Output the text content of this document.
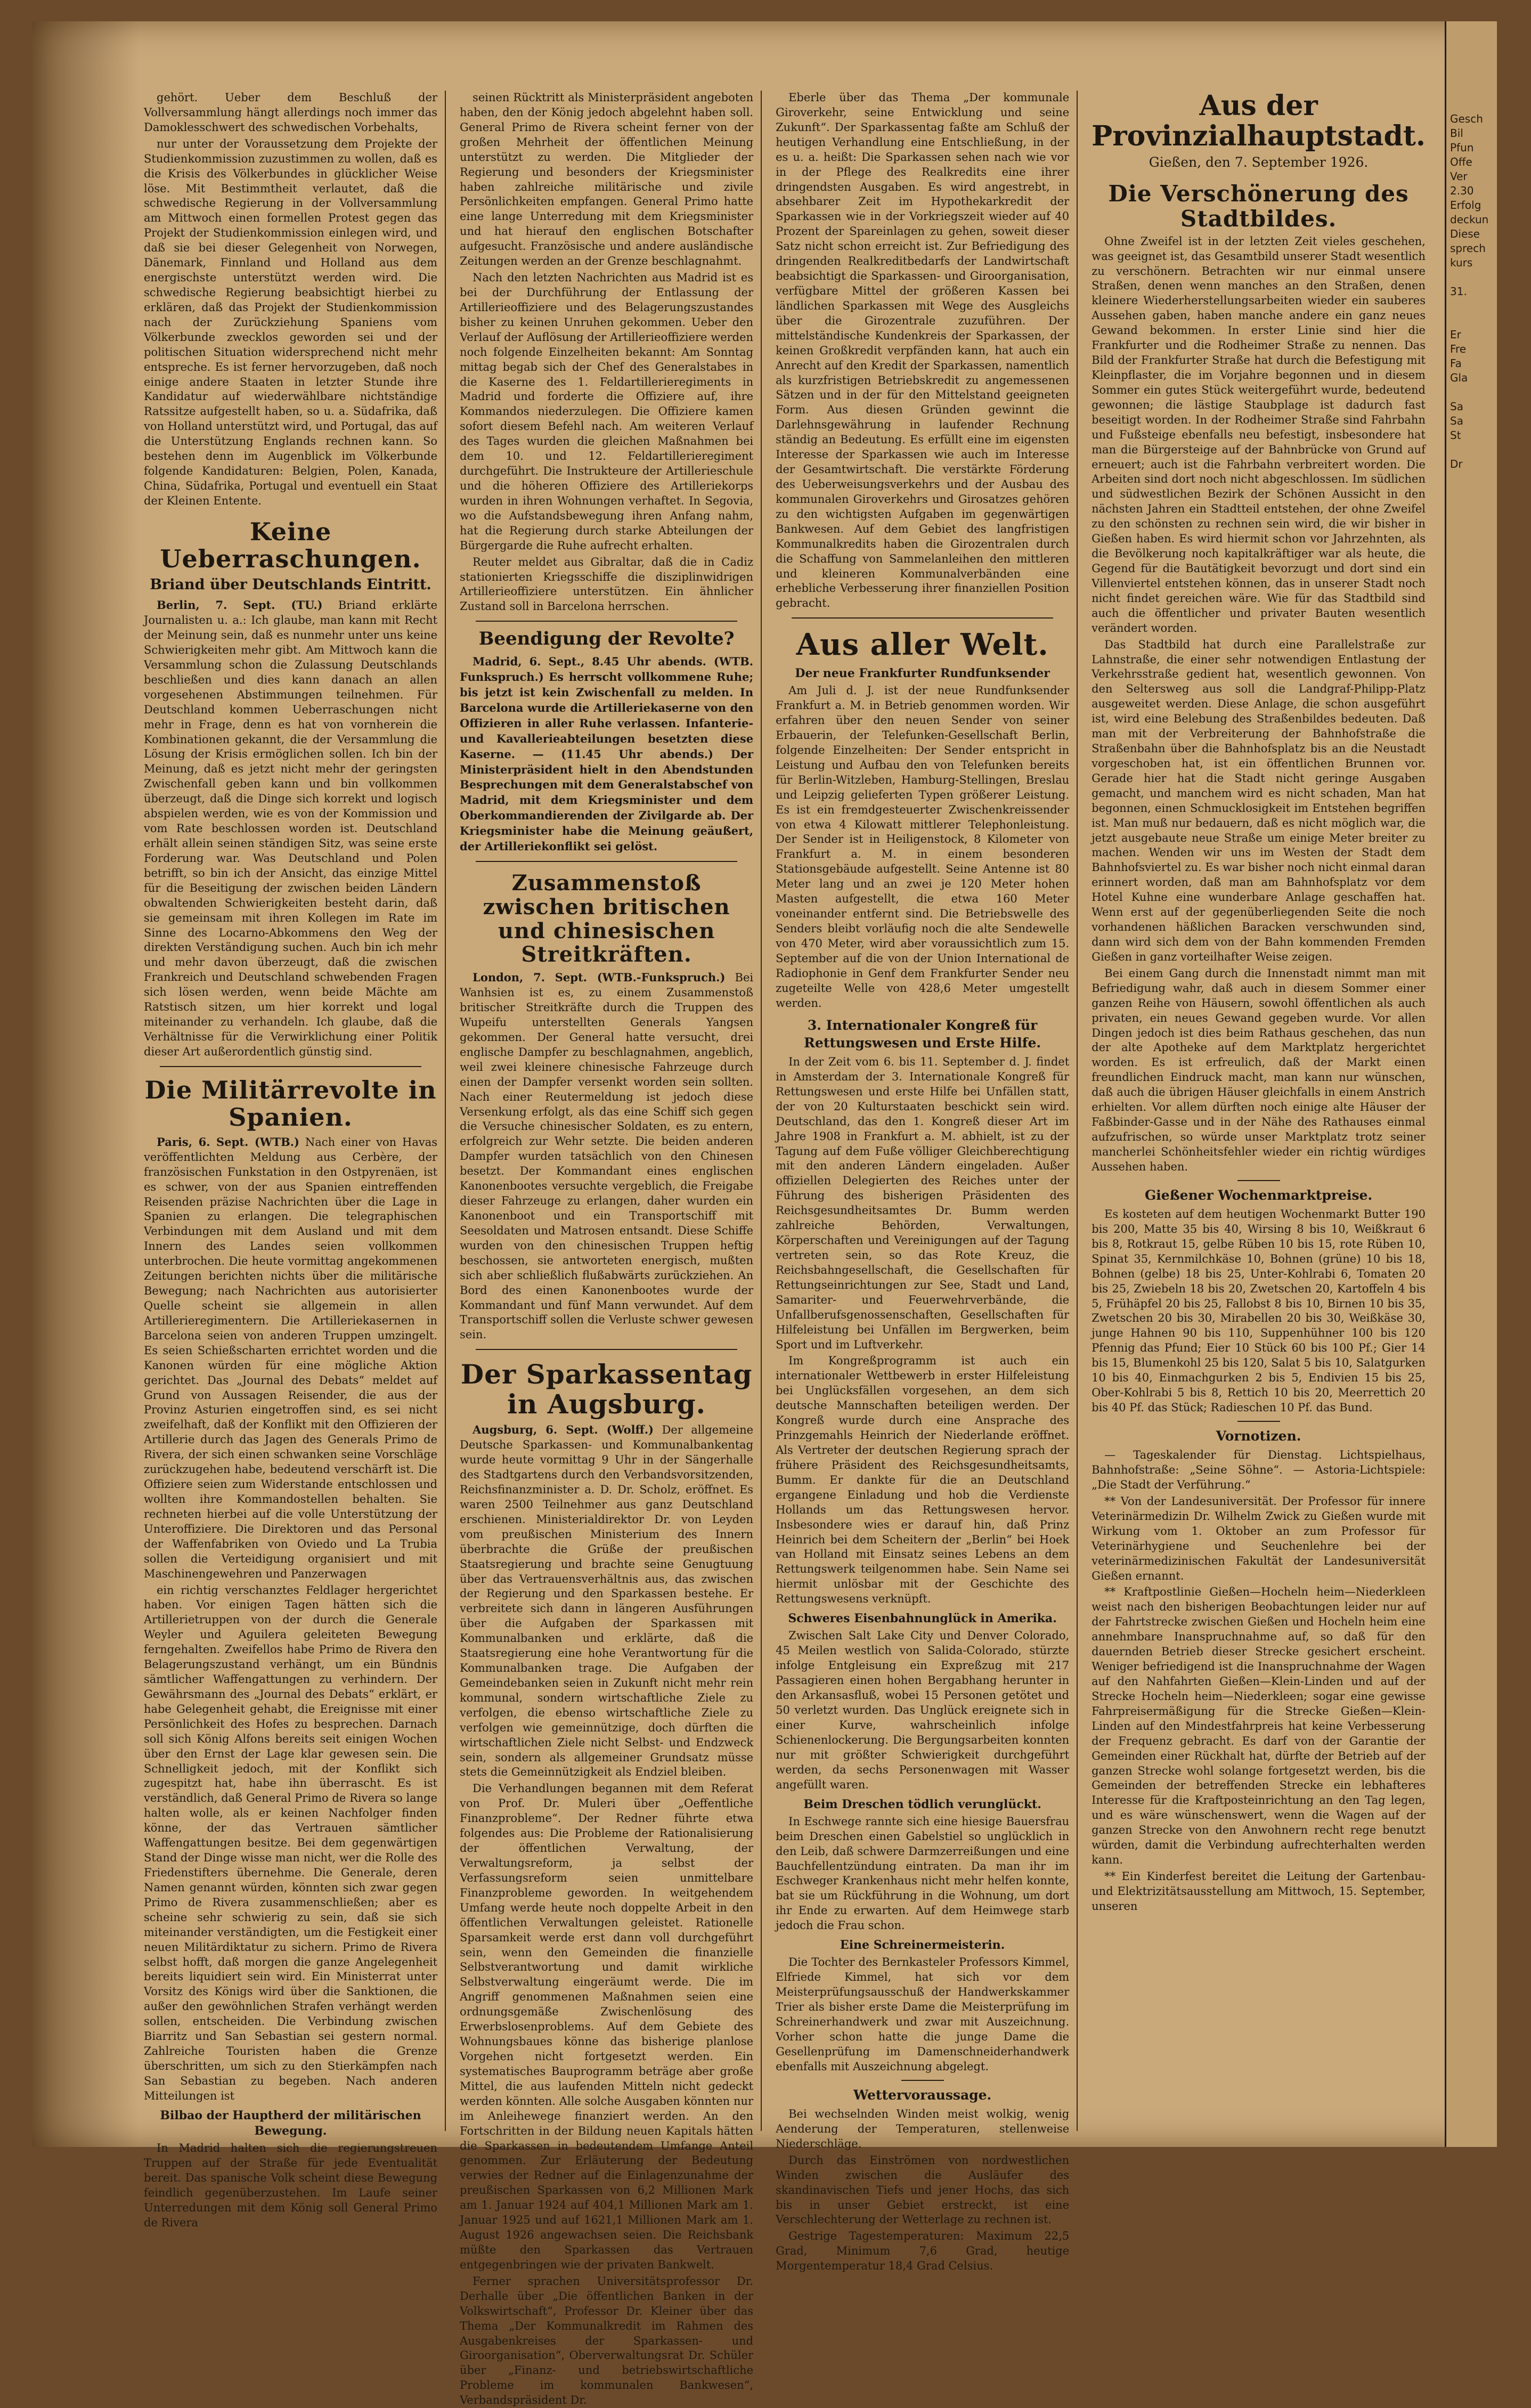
Gesch
Bil
Pfun
Offe
Ver
2.30
Erfolg
deckun
Diese
sprech
kurs

31.

Er
Fre
Fa
Gla

Sa
Sa
St

Dr

gehört. Ueber dem Beschluß der Vollversammlung hängt allerdings noch immer das Damoklesschwert des schwedischen Vorbehalts,

nur unter der Voraussetzung dem Projekte der Studienkommission zuzustimmen zu wollen, daß es die Krisis des Völkerbundes in glücklicher Weise löse. Mit Bestimmtheit verlautet, daß die schwedische Regierung in der Vollversammlung am Mittwoch einen formellen Protest gegen das Projekt der Studienkommission einlegen wird, und daß sie bei dieser Gelegenheit von Norwegen, Dänemark, Finnland und Holland aus dem energischste unterstützt werden wird. Die schwedische Regierung beabsichtigt hierbei zu erklären, daß das Projekt der Studienkommission nach der Zurückziehung Spaniens vom Völkerbunde zwecklos geworden sei und der politischen Situation widersprechend nicht mehr entspreche. Es ist ferner hervorzugeben, daß noch einige andere Staaten in letzter Stunde ihre Kandidatur auf wiederwählbare nichtständige Ratssitze aufgestellt haben, so u. a. Südafrika, daß von Holland unterstützt wird, und Portugal, das auf die Unterstützung Englands rechnen kann. So bestehen denn im Augenblick im Völkerbunde folgende Kandidaturen: Belgien, Polen, Kanada, China, Südafrika, Portugal und eventuell ein Staat der Kleinen Entente.

Keine Ueberraschungen.
Briand über Deutschlands Eintritt.

Berlin, 7. Sept. (TU.) Briand erklärte Journalisten u. a.: Ich glaube, man kann mit Recht der Meinung sein, daß es nunmehr unter uns keine Schwierigkeiten mehr gibt. Am Mittwoch kann die Versammlung schon die Zulassung Deutschlands beschließen und dies kann danach an allen vorgesehenen Abstimmungen teilnehmen. Für Deutschland kommen Ueberraschungen nicht mehr in Frage, denn es hat von vornherein die Kombinationen gekannt, die der Versammlung die Lösung der Krisis ermöglichen sollen. Ich bin der Meinung, daß es jetzt nicht mehr der geringsten Zwischenfall geben kann und bin vollkommen überzeugt, daß die Dinge sich korrekt und logisch abspielen werden, wie es von der Kommission und vom Rate beschlossen worden ist. Deutschland erhält allein seinen ständigen Sitz, was seine erste Forderung war. Was Deutschland und Polen betrifft, so bin ich der Ansicht, das einzige Mittel für die Beseitigung der zwischen beiden Ländern obwaltenden Schwierigkeiten besteht darin, daß sie gemeinsam mit ihren Kollegen im Rate im Sinne des Locarno-Abkommens den Weg der direkten Verständigung suchen. Auch bin ich mehr und mehr davon überzeugt, daß die zwischen Frankreich und Deutschland schwebenden Fragen sich lösen werden, wenn beide Mächte am Ratstisch sitzen, um hier korrekt und logal miteinander zu verhandeln. Ich glaube, daß die Verhältnisse für die Verwirklichung einer Politik dieser Art außerordentlich günstig sind.

Die Militärrevolte in Spanien.

Paris, 6. Sept. (WTB.) Nach einer von Havas veröffentlichten Meldung aus Cerbère, der französischen Funkstation in den Ostpyrenäen, ist es schwer, von der aus Spanien eintreffenden Reisenden präzise Nachrichten über die Lage in Spanien zu erlangen. Die telegraphischen Verbindungen mit dem Ausland und mit dem Innern des Landes seien vollkommen unterbrochen. Die heute vormittag angekommenen Zeitungen berichten nichts über die militärische Bewegung; nach Nachrichten aus autorisierter Quelle scheint sie allgemein in allen Artillerieregimentern. Die Artilleriekasernen in Barcelona seien von anderen Truppen umzingelt. Es seien Schießscharten errichtet worden und die Kanonen würden für eine mögliche Aktion gerichtet. Das „Journal des Debats“ meldet auf Grund von Aussagen Reisender, die aus der Provinz Asturien eingetroffen sind, es sei nicht zweifelhaft, daß der Konflikt mit den Offizieren der Artillerie durch das Jagen des Generals Primo de Rivera, der sich einen schwanken seine Vorschläge zurückzugehen habe, bedeutend verschärft ist. Die Offiziere seien zum Widerstande entschlossen und wollten ihre Kommandostellen behalten. Sie rechneten hierbei auf die volle Unterstützung der Unteroffiziere. Die Direktoren und das Personal der Waffenfabriken von Oviedo und La Trubia sollen die Verteidigung organisiert und mit Maschinengewehren und Panzerwagen

ein richtig verschanztes Feldlager hergerichtet haben. Vor einigen Tagen hätten sich die Artillerietruppen von der durch die Generale Weyler und Aguilera geleiteten Bewegung ferngehalten. Zweifellos habe Primo de Rivera den Belagerungszustand verhängt, um ein Bündnis sämtlicher Waffengattungen zu verhindern. Der Gewährsmann des „Journal des Debats“ erklärt, er habe Gelegenheit gehabt, die Ereignisse mit einer Persönlichkeit des Hofes zu besprechen. Darnach soll sich König Alfons bereits seit einigen Wochen über den Ernst der Lage klar gewesen sein. Die Schnelligkeit jedoch, mit der Konflikt sich zugespitzt hat, habe ihn überrascht. Es ist verständlich, daß General Primo de Rivera so lange halten wolle, als er keinen Nachfolger finden könne, der das Vertrauen sämtlicher Waffengattungen besitze. Bei dem gegenwärtigen Stand der Dinge wisse man nicht, wer die Rolle des Friedenstifters übernehme. Die Generale, deren Namen genannt würden, könnten sich zwar gegen Primo de Rivera zusammenschließen; aber es scheine sehr schwierig zu sein, daß sie sich miteinander verständigten, um die Festigkeit einer neuen Militärdiktatur zu sichern. Primo de Rivera selbst hofft, daß morgen die ganze Angelegenheit bereits liquidiert sein wird. Ein Ministerrat unter Vorsitz des Königs wird über die Sanktionen, die außer den gewöhnlichen Strafen verhängt werden sollen, entscheiden. Die Verbindung zwischen Biarritz und San Sebastian sei gestern normal. Zahlreiche Touristen haben die Grenze überschritten, um sich zu den Stierkämpfen nach San Sebastian zu begeben. Nach anderen Mitteilungen ist

Bilbao der Hauptherd der militärischen Bewegung.

In Madrid halten sich die regierungstreuen Truppen auf der Straße für jede Eventualität bereit. Das spanische Volk scheint diese Bewegung feindlich gegenüberzustehen. Im Laufe seiner Unterredungen mit dem König soll General Primo de Rivera

seinen Rücktritt als Ministerpräsident angeboten haben, den der König jedoch abgelehnt haben soll. General Primo de Rivera scheint ferner von der großen Mehrheit der öffentlichen Meinung unterstützt zu werden. Die Mitglieder der Regierung und besonders der Kriegsminister haben zahlreiche militärische und zivile Persönlichkeiten empfangen. General Primo hatte eine lange Unterredung mit dem Kriegsminister und hat hierauf den englischen Botschafter aufgesucht. Französische und andere ausländische Zeitungen werden an der Grenze beschlagnahmt.

Nach den letzten Nachrichten aus Madrid ist es bei der Durchführung der Entlassung der Artillerieoffiziere und des Belagerungszustandes bisher zu keinen Unruhen gekommen. Ueber den Verlauf der Auflösung der Artillerieoffiziere werden noch folgende Einzelheiten bekannt: Am Sonntag mittag begab sich der Chef des Generalstabes in die Kaserne des 1. Feldartillerieregiments in Madrid und forderte die Offiziere auf, ihre Kommandos niederzulegen. Die Offiziere kamen sofort diesem Befehl nach. Am weiteren Verlauf des Tages wurden die gleichen Maßnahmen bei dem 10. und 12. Feldartillerieregiment durchgeführt. Die Instrukteure der Artillerieschule und die höheren Offiziere des Artilleriekorps wurden in ihren Wohnungen verhaftet. In Segovia, wo die Aufstandsbewegung ihren Anfang nahm, hat die Regierung durch starke Abteilungen der Bürgergarde die Ruhe aufrecht erhalten.

Reuter meldet aus Gibraltar, daß die in Cadiz stationierten Kriegsschiffe die disziplinwidrigen Artillerieoffiziere unterstützen. Ein ähnlicher Zustand soll in Barcelona herrschen.

Beendigung der Revolte?

Madrid, 6. Sept., 8.45 Uhr abends. (WTB. Funkspruch.) Es herrscht vollkommene Ruhe; bis jetzt ist kein Zwischenfall zu melden. In Barcelona wurde die Artilleriekaserne von den Offizieren in aller Ruhe verlassen. Infanterie- und Kavallerieabteilungen besetzten diese Kaserne. — (11.45 Uhr abends.) Der Ministerpräsident hielt in den Abendstunden Besprechungen mit dem Generalstabschef von Madrid, mit dem Kriegsminister und dem Oberkommandierenden der Zivilgarde ab. Der Kriegsminister habe die Meinung geäußert, der Artilleriekonflikt sei gelöst.

Zusammenstoß zwischen britischen und chinesischen Streitkräften.

London, 7. Sept. (WTB.-Funkspruch.) Bei Wanhsien ist es, zu einem Zusammenstoß britischer Streitkräfte durch die Truppen des Wupeifu unterstellten Generals Yangsen gekommen. Der General hatte versucht, drei englische Dampfer zu beschlagnahmen, angeblich, weil zwei kleinere chinesische Fahrzeuge durch einen der Dampfer versenkt worden sein sollten. Nach einer Reutermeldung ist jedoch diese Versenkung erfolgt, als das eine Schiff sich gegen die Versuche chinesischer Soldaten, es zu entern, erfolgreich zur Wehr setzte. Die beiden anderen Dampfer wurden tatsächlich von den Chinesen besetzt. Der Kommandant eines englischen Kanonenbootes versuchte vergeblich, die Freigabe dieser Fahrzeuge zu erlangen, daher wurden ein Kanonenboot und ein Transportschiff mit Seesoldaten und Matrosen entsandt. Diese Schiffe wurden von den chinesischen Truppen heftig beschossen, sie antworteten energisch, mußten sich aber schließlich flußabwärts zurückziehen. An Bord des einen Kanonenbootes wurde der Kommandant und fünf Mann verwundet. Auf dem Transportschiff sollen die Verluste schwer gewesen sein.

Der Sparkassentag in Augsburg.

Augsburg, 6. Sept. (Wolff.) Der allgemeine Deutsche Sparkassen- und Kommunalbankentag wurde heute vormittag 9 Uhr in der Sängerhalle des Stadtgartens durch den Verbandsvorsitzenden, Reichsfinanzminister a. D. Dr. Scholz, eröffnet. Es waren 2500 Teilnehmer aus ganz Deutschland erschienen. Ministerialdirektor Dr. von Leyden vom preußischen Ministerium des Innern überbrachte die Grüße der preußischen Staatsregierung und brachte seine Genugtuung über das Vertrauensverhältnis aus, das zwischen der Regierung und den Sparkassen bestehe. Er verbreitete sich dann in längeren Ausführungen über die Aufgaben der Sparkassen mit Kommunalbanken und erklärte, daß die Staatsregierung eine hohe Verantwortung für die Kommunalbanken trage. Die Aufgaben der Gemeindebanken seien in Zukunft nicht mehr rein kommunal, sondern wirtschaftliche Ziele zu verfolgen, die ebenso wirtschaftliche Ziele zu verfolgen wie gemeinnützige, doch dürften die wirtschaftlichen Ziele nicht Selbst- und Endzweck sein, sondern als allgemeiner Grundsatz müsse stets die Gemeinnützigkeit als Endziel bleiben.

Die Verhandlungen begannen mit dem Referat von Prof. Dr. Muleri über „Oeffentliche Finanzprobleme“. Der Redner führte etwa folgendes aus: Die Probleme der Rationalisierung der öffentlichen Verwaltung, der Verwaltungsreform, ja selbst der Verfassungsreform seien unmittelbare Finanzprobleme geworden. In weitgehendem Umfang werde heute noch doppelte Arbeit in den öffentlichen Verwaltungen geleistet. Rationelle Sparsamkeit werde erst dann voll durchgeführt sein, wenn den Gemeinden die finanzielle Selbstverantwortung und damit wirkliche Selbstverwaltung eingeräumt werde. Die im Angriff genommenen Maßnahmen seien eine ordnungsgemäße Zwischenlösung des Erwerbslosenproblems. Auf dem Gebiete des Wohnungsbaues könne das bisherige planlose Vorgehen nicht fortgesetzt werden. Ein systematisches Bauprogramm beträge aber große Mittel, die aus laufenden Mitteln nicht gedeckt werden könnten. Alle solche Ausgaben könnten nur im Anleihewege finanziert werden. An den Fortschritten in der Bildung neuen Kapitals hätten die Sparkassen in bedeutendem Umfange Anteil genommen. Zur Erläuterung der Bedeutung verwies der Redner auf die Einlagenzunahme der preußischen Sparkassen von 6,2 Millionen Mark am 1. Januar 1924 auf 404,1 Millionen Mark am 1. Januar 1925 und auf 1621,1 Millionen Mark am 1. August 1926 angewachsen seien. Die Reichsbank müßte den Sparkassen das Vertrauen entgegenbringen wie der privaten Bankwelt.

Ferner sprachen Universitätsprofessor Dr. Derhalle über „Die öffentlichen Banken in der Volkswirtschaft“, Professor Dr. Kleiner über das Thema „Der Kommunalkredit im Rahmen des Ausgabenkreises der Sparkassen- und Giroorganisation“, Oberverwaltungsrat Dr. Schüler über „Finanz- und betriebswirtschaftliche Probleme im kommunalen Bankwesen“, Verbandspräsident Dr.

Eberle über das Thema „Der kommunale Giroverkehr, seine Entwicklung und seine Zukunft“. Der Sparkassentag faßte am Schluß der heutigen Verhandlung eine Entschließung, in der es u. a. heißt: Die Sparkassen sehen nach wie vor in der Pflege des Realkredits eine ihrer dringendsten Ausgaben. Es wird angestrebt, in absehbarer Zeit im Hypothekarkredit der Sparkassen wie in der Vorkriegszeit wieder auf 40 Prozent der Spareinlagen zu gehen, soweit dieser Satz nicht schon erreicht ist. Zur Befriedigung des dringenden Realkreditbedarfs der Landwirtschaft beabsichtigt die Sparkassen- und Giroorganisation, verfügbare Mittel der größeren Kassen bei ländlichen Sparkassen mit Wege des Ausgleichs über die Girozentrale zuzuführen. Der mittelständische Kundenkreis der Sparkassen, der keinen Großkredit verpfänden kann, hat auch ein Anrecht auf den Kredit der Sparkassen, namentlich als kurzfristigen Betriebskredit zu angemessenen Sätzen und in der für den Mittelstand geeigneten Form. Aus diesen Gründen gewinnt die Darlehnsgewährung in laufender Rechnung ständig an Bedeutung. Es erfüllt eine im eigensten Interesse der Sparkassen wie auch im Interesse der Gesamtwirtschaft. Die verstärkte Förderung des Ueberweisungsverkehrs und der Ausbau des kommunalen Giroverkehrs und Girosatzes gehören zu den wichtigsten Aufgaben im gegenwärtigen Bankwesen. Auf dem Gebiet des langfristigen Kommunalkredits haben die Girozentralen durch die Schaffung von Sammelanleihen den mittleren und kleineren Kommunalverbänden eine erhebliche Verbesserung ihrer finanziellen Position gebracht.

Aus aller Welt.
Der neue Frankfurter Rundfunksender

Am Juli d. J. ist der neue Rundfunksender Frankfurt a. M. in Betrieb genommen worden. Wir erfahren über den neuen Sender von seiner Erbauerin, der Telefunken-Gesellschaft Berlin, folgende Einzelheiten: Der Sender entspricht in Leistung und Aufbau den von Telefunken bereits für Berlin-Witzleben, Hamburg-Stellingen, Breslau und Leipzig gelieferten Typen größerer Leistung. Es ist ein fremdgesteuerter Zwischenkreissender von etwa 4 Kilowatt mittlerer Telephonleistung. Der Sender ist in Heiligenstock, 8 Kilometer von Frankfurt a. M. in einem besonderen Stationsgebäude aufgestellt. Seine Antenne ist 80 Meter lang und an zwei je 120 Meter hohen Masten aufgestellt, die etwa 160 Meter voneinander entfernt sind. Die Betriebswelle des Senders bleibt vorläufig noch die alte Sendewelle von 470 Meter, wird aber voraussichtlich zum 15. September auf die von der Union International de Radiophonie in Genf dem Frankfurter Sender neu zugeteilte Welle von 428,6 Meter umgestellt werden.

3. Internationaler Kongreß für Rettungswesen und Erste Hilfe.

In der Zeit vom 6. bis 11. September d. J. findet in Amsterdam der 3. Internationale Kongreß für Rettungswesen und erste Hilfe bei Unfällen statt, der von 20 Kulturstaaten beschickt sein wird. Deutschland, das den 1. Kongreß dieser Art im Jahre 1908 in Frankfurt a. M. abhielt, ist zu der Tagung auf dem Fuße völliger Gleichberechtigung mit den anderen Ländern eingeladen. Außer offiziellen Delegierten des Reiches unter der Führung des bisherigen Präsidenten des Reichsgesundheitsamtes Dr. Bumm werden zahlreiche Behörden, Verwaltungen, Körperschaften und Vereinigungen auf der Tagung vertreten sein, so das Rote Kreuz, die Reichsbahngesellschaft, die Gesellschaften für Rettungseinrichtungen zur See, Stadt und Land, Samariter- und Feuerwehrverbände, die Unfallberufsgenossenschaften, Gesellschaften für Hilfeleistung bei Unfällen im Bergwerken, beim Sport und im Luftverkehr.

Im Kongreßprogramm ist auch ein internationaler Wettbewerb in erster Hilfeleistung bei Unglücksfällen vorgesehen, an dem sich deutsche Mannschaften beteiligen werden. Der Kongreß wurde durch eine Ansprache des Prinzgemahls Heinrich der Niederlande eröffnet. Als Vertreter der deutschen Regierung sprach der frühere Präsident des Reichsgesundheitsamts, Bumm. Er dankte für die an Deutschland ergangene Einladung und hob die Verdienste Hollands um das Rettungswesen hervor. Insbesondere wies er darauf hin, daß Prinz Heinrich bei dem Scheitern der „Berlin“ bei Hoek van Holland mit Einsatz seines Lebens an dem Rettungswerk teilgenommen habe. Sein Name sei hiermit unlösbar mit der Geschichte des Rettungswesens verknüpft.

Schweres Eisenbahnunglück in Amerika.

Zwischen Salt Lake City und Denver Colorado, 45 Meilen westlich von Salida-Colorado, stürzte infolge Entgleisung ein Expreßzug mit 217 Passagieren einen hohen Bergabhang herunter in den Arkansasfluß, wobei 15 Personen getötet und 50 verletzt wurden. Das Unglück ereignete sich in einer Kurve, wahrscheinlich infolge Schienenlockerung. Die Bergungsarbeiten konnten nur mit größter Schwierigkeit durchgeführt werden, da sechs Personenwagen mit Wasser angefüllt waren.

Beim Dreschen tödlich verunglückt.

In Eschwege rannte sich eine hiesige Bauersfrau beim Dreschen einen Gabelstiel so unglücklich in den Leib, daß schwere Darmzerreißungen und eine Bauchfellentzündung eintraten. Da man ihr im Eschweger Krankenhaus nicht mehr helfen konnte, bat sie um Rückführung in die Wohnung, um dort ihr Ende zu erwarten. Auf dem Heimwege starb jedoch die Frau schon.

Eine Schreinermeisterin.

Die Tochter des Bernkasteler Professors Kimmel, Elfriede Kimmel, hat sich vor dem Meisterprüfungsausschuß der Handwerkskammer Trier als bisher erste Dame die Meisterprüfung im Schreinerhandwerk und zwar mit Auszeichnung. Vorher schon hatte die junge Dame die Gesellenprüfung im Damenschneiderhandwerk ebenfalls mit Auszeichnung abgelegt.

Wettervoraussage.

Bei wechselnden Winden meist wolkig, wenig Aenderung der Temperaturen, stellenweise Niederschläge.

Durch das Einströmen von nordwestlichen Winden zwischen die Ausläufer des skandinavischen Tiefs und jener Hochs, das sich bis in unser Gebiet erstreckt, ist eine Verschlechterung der Wetterlage zu rechnen ist.

Gestrige Tagestemperaturen: Maximum 22,5 Grad, Minimum 7,6 Grad, heutige Morgentemperatur 18,4 Grad Celsius.

Aus der Provinzialhauptstadt.
Gießen, den 7. September 1926.
Die Verschönerung des Stadtbildes.

Ohne Zweifel ist in der letzten Zeit vieles geschehen, was geeignet ist, das Gesamtbild unserer Stadt wesentlich zu verschönern. Betrachten wir nur einmal unsere Straßen, denen wenn manches an den Straßen, denen kleinere Wiederherstellungsarbeiten wieder ein sauberes Aussehen gaben, haben manche andere ein ganz neues Gewand bekommen. In erster Linie sind hier die Frankfurter und die Rodheimer Straße zu nennen. Das Bild der Frankfurter Straße hat durch die Befestigung mit Kleinpflaster, die im Vorjahre begonnen und in diesem Sommer ein gutes Stück weitergeführt wurde, bedeutend gewonnen; die lästige Staubplage ist dadurch fast beseitigt worden. In der Rodheimer Straße sind Fahrbahn und Fußsteige ebenfalls neu befestigt, insbesondere hat man die Bürgersteige auf der Bahnbrücke von Grund auf erneuert; auch ist die Fahrbahn verbreitert worden. Die Arbeiten sind dort noch nicht abgeschlossen. Im südlichen und südwestlichen Bezirk der Schönen Aussicht in den nächsten Jahren ein Stadtteil entstehen, der ohne Zweifel zu den schönsten zu rechnen sein wird, die wir bisher in Gießen haben. Es wird hiermit schon vor Jahrzehnten, als die Bevölkerung noch kapitalkräftiger war als heute, die Gegend für die Bautätigkeit bevorzugt und dort sind ein Villenviertel entstehen können, das in unserer Stadt noch nicht findet gereichen wäre. Wie für das Stadtbild sind auch die öffentlicher und privater Bauten wesentlich verändert worden.

Das Stadtbild hat durch eine Parallelstraße zur Lahnstraße, die einer sehr notwendigen Entlastung der Verkehrsstraße gedient hat, wesentlich gewonnen. Von den Seltersweg aus soll die Landgraf-Philipp-Platz ausgeweitet werden. Diese Anlage, die schon ausgeführt ist, wird eine Belebung des Straßenbildes bedeuten. Daß man mit der Verbreiterung der Bahnhofstraße die Straßenbahn über die Bahnhofsplatz bis an die Neustadt vorgeschoben hat, ist ein öffentlichen Brunnen vor. Gerade hier hat die Stadt nicht geringe Ausgaben gemacht, und manchem wird es nicht schaden, Man hat begonnen, einen Schmucklosigkeit im Entstehen begriffen ist. Man muß nur bedauern, daß es nicht möglich war, die jetzt ausgebaute neue Straße um einige Meter breiter zu machen. Wenden wir uns im Westen der Stadt dem Bahnhofsviertel zu. Es war bisher noch nicht einmal daran erinnert worden, daß man am Bahnhofsplatz vor dem Hotel Kuhne eine wunderbare Anlage geschaffen hat. Wenn erst auf der gegenüberliegenden Seite die noch vorhandenen häßlichen Baracken verschwunden sind, dann wird sich dem von der Bahn kommenden Fremden Gießen in ganz vorteilhafter Weise zeigen.

Bei einem Gang durch die Innenstadt nimmt man mit Befriedigung wahr, daß auch in diesem Sommer einer ganzen Reihe von Häusern, sowohl öffentlichen als auch privaten, ein neues Gewand gegeben wurde. Vor allen Dingen jedoch ist dies beim Rathaus geschehen, das nun der alte Apotheke auf dem Marktplatz hergerichtet worden. Es ist erfreulich, daß der Markt einen freundlichen Eindruck macht, man kann nur wünschen, daß auch die übrigen Häuser gleichfalls in einem Anstrich erhielten. Vor allem dürften noch einige alte Häuser der Faßbinder-Gasse und in der Nähe des Rathauses einmal aufzufrischen, so würde unser Marktplatz trotz seiner mancherlei Schönheitsfehler wieder ein richtig würdiges Aussehen haben.

Gießener Wochenmarktpreise.

Es kosteten auf dem heutigen Wochenmarkt Butter 190 bis 200, Matte 35 bis 40, Wirsing 8 bis 10, Weißkraut 6 bis 8, Rotkraut 15, gelbe Rüben 10 bis 15, rote Rüben 10, Spinat 35, Kernmilchkäse 10, Bohnen (grüne) 10 bis 18, Bohnen (gelbe) 18 bis 25, Unter-Kohlrabi 6, Tomaten 20 bis 25, Zwiebeln 18 bis 20, Zwetschen 20, Kartoffeln 4 bis 5, Frühäpfel 20 bis 25, Fallobst 8 bis 10, Birnen 10 bis 35, Zwetschen 20 bis 30, Mirabellen 20 bis 30, Weißkäse 30, junge Hahnen 90 bis 110, Suppenhühner 100 bis 120 Pfennig das Pfund; Eier 10 Stück 60 bis 100 Pf.; Gier 14 bis 15, Blumenkohl 25 bis 120, Salat 5 bis 10, Salatgurken 10 bis 40, Einmachgurken 2 bis 5, Endivien 15 bis 25, Ober-Kohlrabi 5 bis 8, Rettich 10 bis 20, Meerrettich 20 bis 40 Pf. das Stück; Radieschen 10 Pf. das Bund.

Vornotizen.

— Tageskalender für Dienstag. Lichtspielhaus, Bahnhofstraße: „Seine Söhne“. — Astoria-Lichtspiele: „Die Stadt der Verführung.“

** Von der Landesuniversität. Der Professor für innere Veterinärmedizin Dr. Wilhelm Zwick zu Gießen wurde mit Wirkung vom 1. Oktober an zum Professor für Veterinärhygiene und Seuchenlehre bei der veterinärmedizinischen Fakultät der Landesuniversität Gießen ernannt.

** Kraftpostlinie Gießen—Hocheln heim—Niederkleen weist nach den bisherigen Beobachtungen leider nur auf der Fahrtstrecke zwischen Gießen und Hocheln heim eine annehmbare Inanspruchnahme auf, so daß für den dauernden Betrieb dieser Strecke gesichert erscheint. Weniger befriedigend ist die Inanspruchnahme der Wagen auf den Nahfahrten Gießen—Klein-Linden und auf der Strecke Hocheln heim—Niederkleen; sogar eine gewisse Fahrpreisermäßigung für die Strecke Gießen—Klein-Linden auf den Mindestfahrpreis hat keine Verbesserung der Frequenz gebracht. Es darf von der Garantie der Gemeinden einer Rückhalt hat, dürfte der Betrieb auf der ganzen Strecke wohl solange fortgesetzt werden, bis die Gemeinden der betreffenden Strecke ein lebhafteres Interesse für die Kraftposteinrichtung an den Tag legen, und es wäre wünschenswert, wenn die Wagen auf der ganzen Strecke von den Anwohnern recht rege benutzt würden, damit die Verbindung aufrechterhalten werden kann.

** Ein Kinderfest bereitet die Leitung der Gartenbau- und Elektrizitätsausstellung am Mittwoch, 15. September, unseren
